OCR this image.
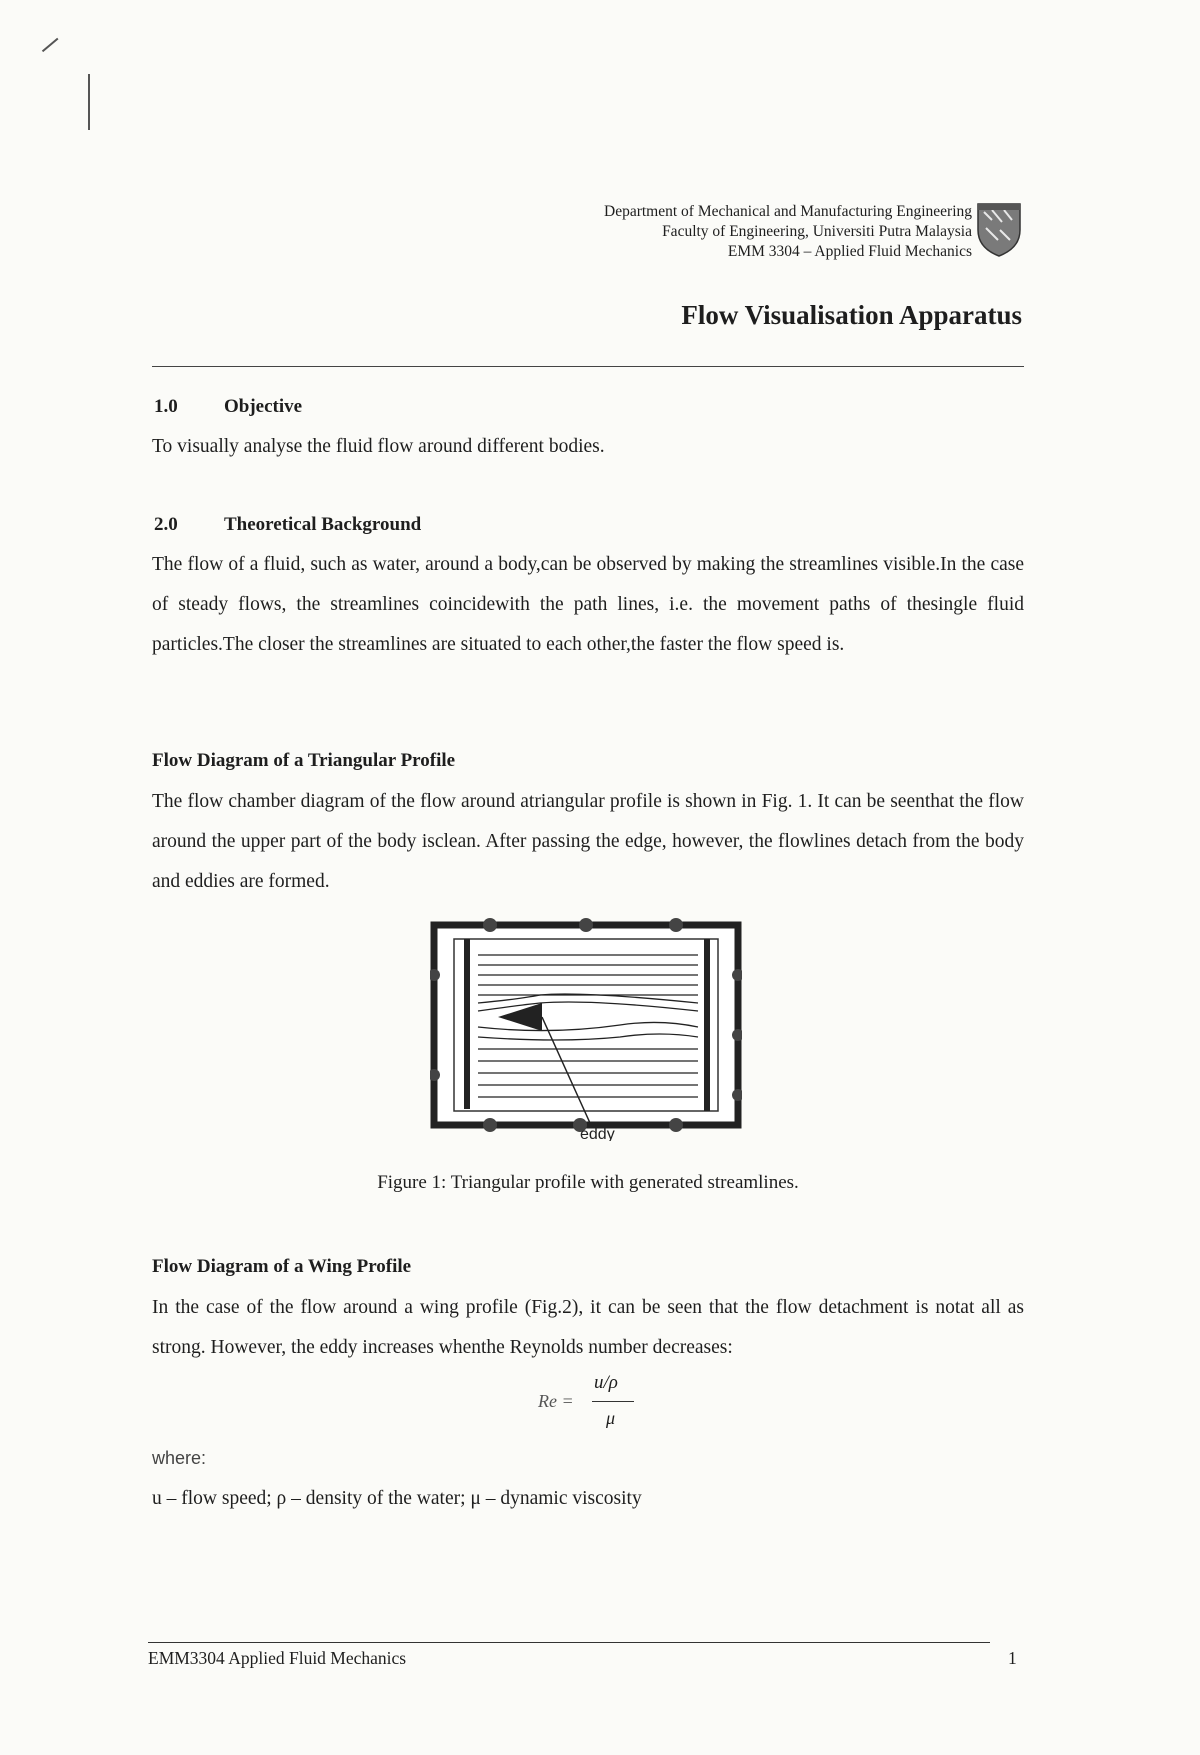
Department of Mechanical and Manufacturing Engineering
Faculty of Engineering, Universiti Putra Malaysia
EMM 3304 – Applied Fluid Mechanics
Flow Visualisation Apparatus
1.0 Objective

To visually analyse the fluid flow around different bodies.

2.0 Theoretical Background

The flow of a fluid, such as water, around a body,can be observed by making the streamlines visible.In the case of steady flows, the streamlines coincidewith the path lines, i.e. the movement paths of thesingle fluid particles.The closer the streamlines are situated to each other,the faster the flow speed is.

Flow Diagram of a Triangular Profile

The flow chamber diagram of the flow around atriangular profile is shown in Fig. 1. It can be seenthat the flow around the upper part of the body isclean. After passing the edge, however, the flowlines detach from the body and eddies are formed.

eddy
Figure 1: Triangular profile with generated streamlines.
Flow Diagram of a Wing Profile

In the case of the flow around a wing profile (Fig.2), it can be seen that the flow detachment is notat all as strong. However, the eddy increases whenthe Reynolds number decreases:

Re =
u/ρ
μ

where:

u – flow speed; ρ – density of the water; μ – dynamic viscosity

EMM3304 Applied Fluid Mechanics	1
